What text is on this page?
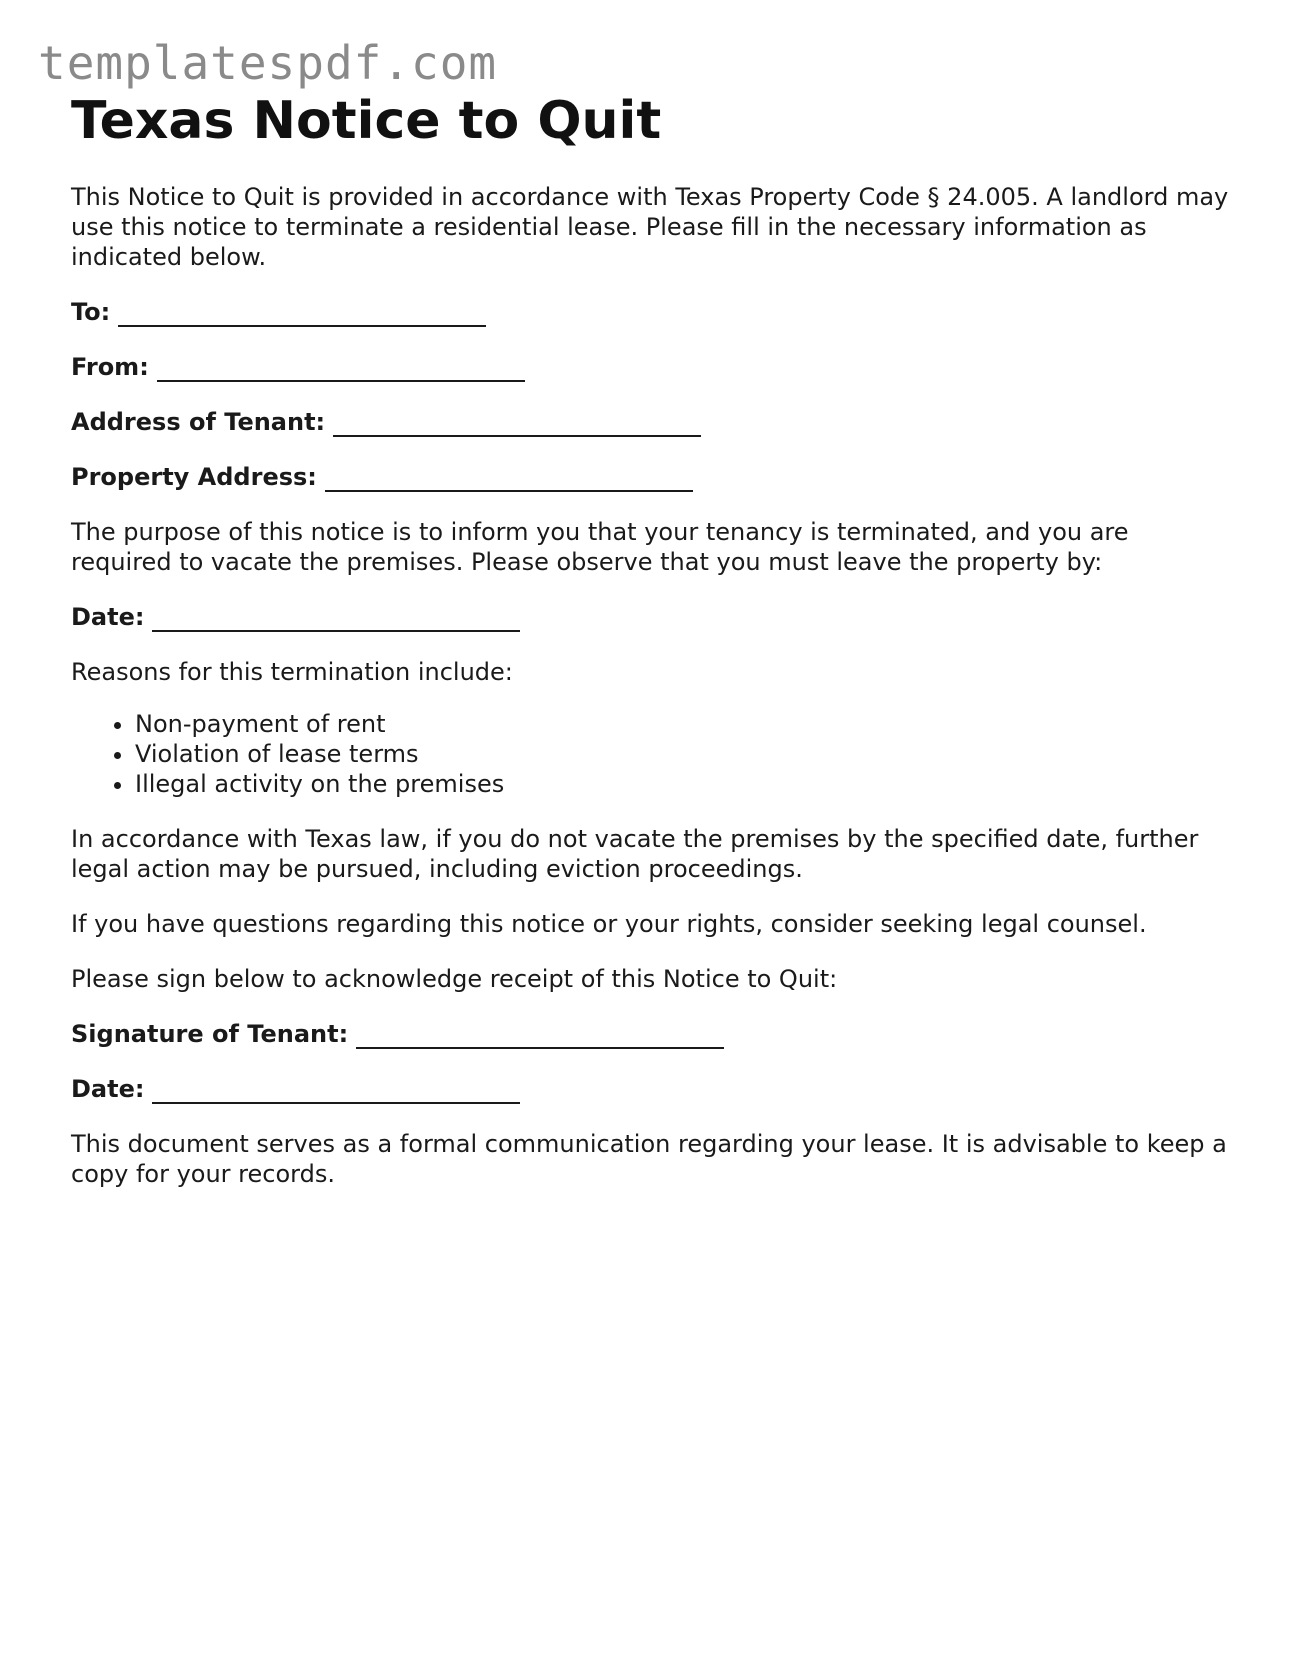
templatespdf.com
Texas Notice to Quit

This Notice to Quit is provided in accordance with Texas Property Code § 24.005. A landlord may use this notice to terminate a residential lease. Please fill in the necessary information as indicated below.

To:
From:
Address of Tenant:
Property Address:

The purpose of this notice is to inform you that your tenancy is terminated, and you are required to vacate the premises. Please observe that you must leave the property by:

Date:

Reasons for this termination include:

• Non-payment of rent
• Violation of lease terms
• Illegal activity on the premises

In accordance with Texas law, if you do not vacate the premises by the specified date, further legal action may be pursued, including eviction proceedings.

If you have questions regarding this notice or your rights, consider seeking legal counsel.

Please sign below to acknowledge receipt of this Notice to Quit:

Signature of Tenant:
Date:

This document serves as a formal communication regarding your lease. It is advisable to keep a copy for your records.
